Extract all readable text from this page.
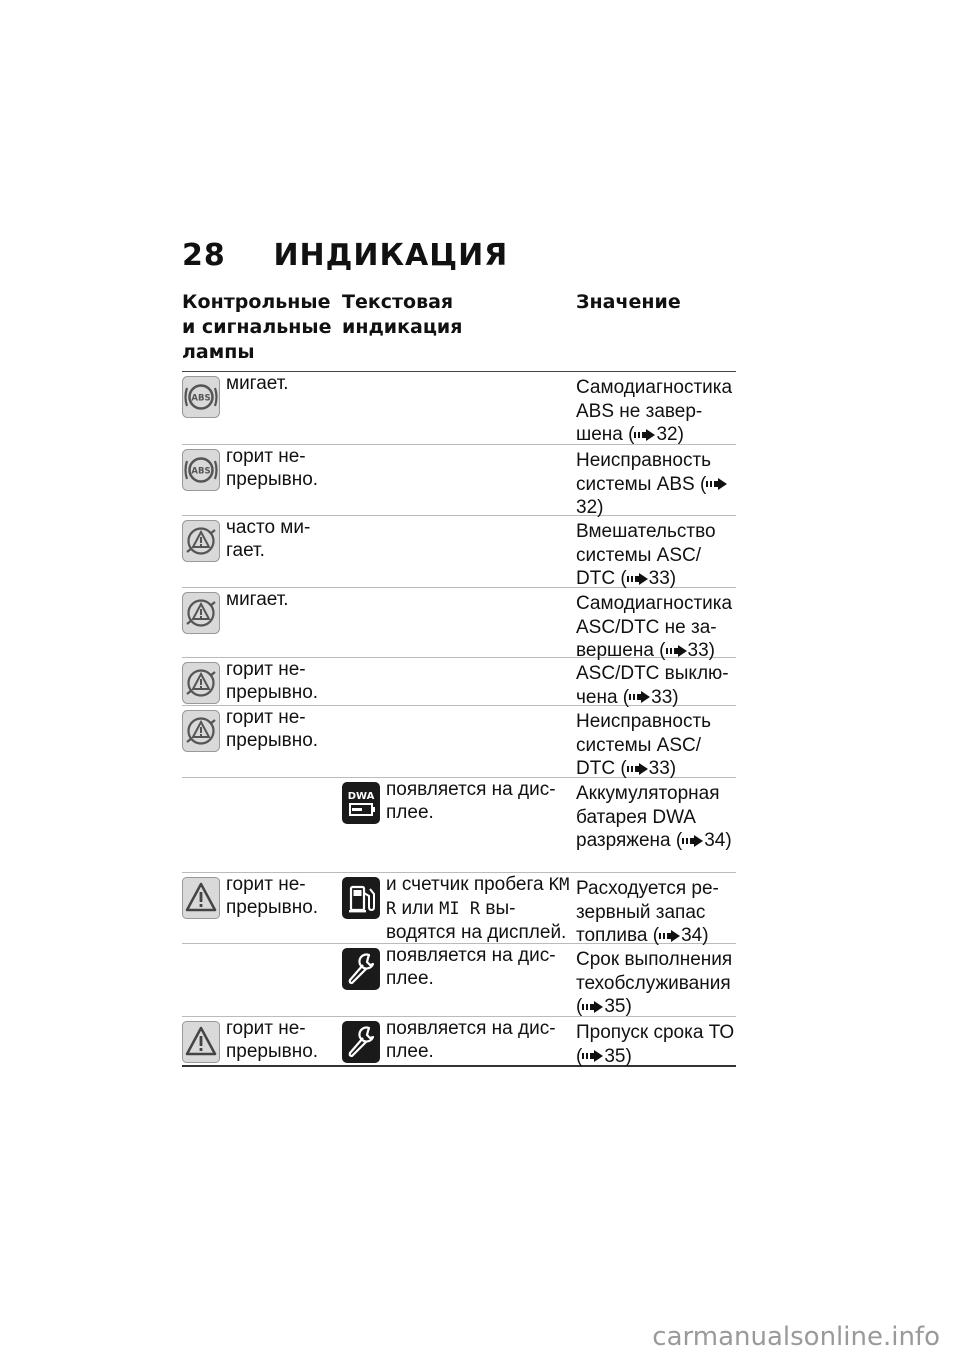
28 ИНДИКАЦИЯ
Контрольные и сигнальные лампы
Текстовая индикация
Значение
мигает.	Самодиагностика ABS не завер-шена ( 32)
горит не-прерывно.
Неисправность системы ABS (32)
часто ми-гает.
Вмешательство системы ASC/ DTC ( 33)
мигает.	Самодиагностика ASC/DTC не за-вершена ( 33)
горит не-прерывно.
ASC/DTC выклю-чена ( 33)
горит не-прерывно.
Неисправность системы ASC/ DTC ( 33)
появляется на дис-плее.
Аккумуляторная батарея DWA разряжена ( 34)
горит не-прерывно.
и счетчик пробега KM R или MI R вы-водятся на дисплей.
Расходуется ре-зервный запас топлива ( 34)
появляется на дис-плее.
Срок выполнения техобслуживания ( 35)
горит не-прерывно.
появляется на дис-плее.
Пропуск срока ТО ( 35)
carmanualsonline.info
